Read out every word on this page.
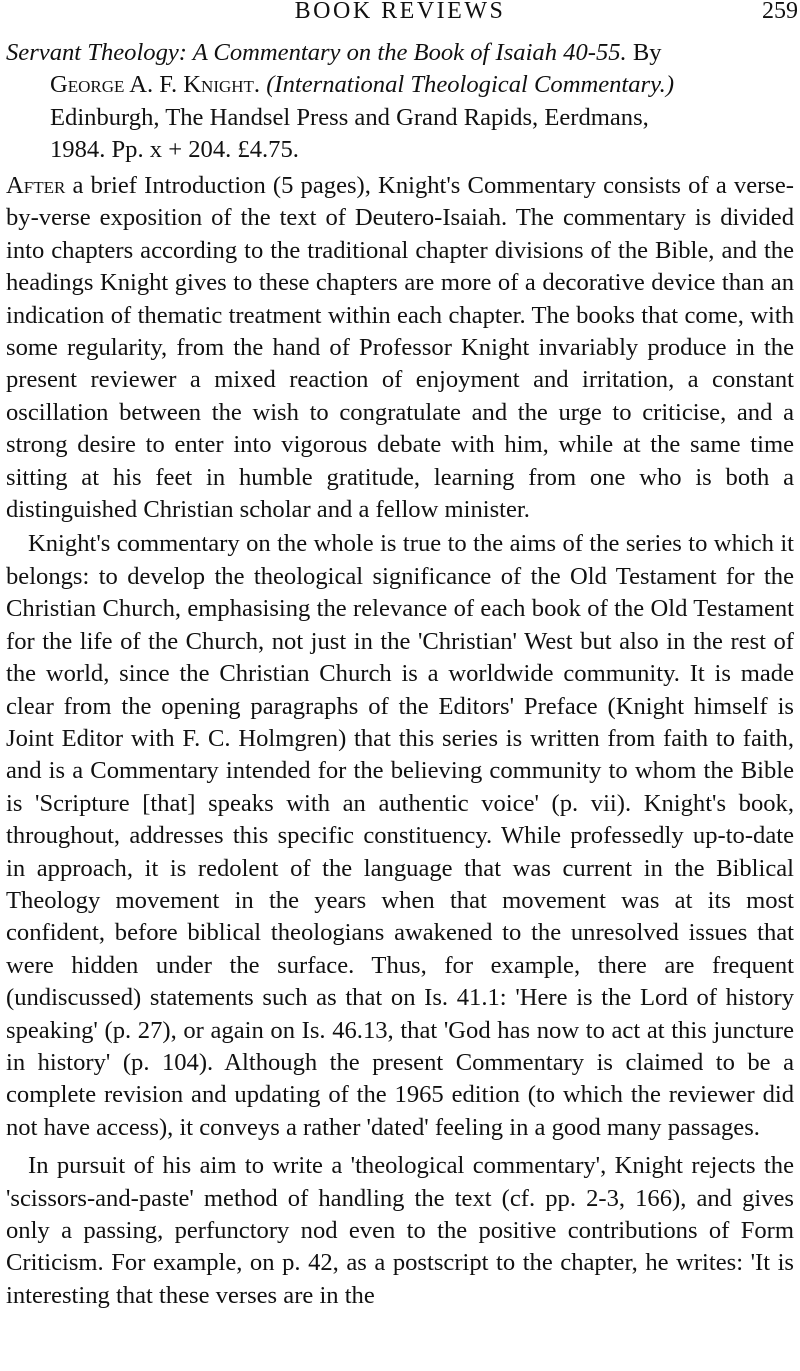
BOOK REVIEWS	259
Servant Theology: A Commentary on the Book of Isaiah 40-55. By
George A. F. Knight. (International Theological Commentary.)
Edinburgh, The Handsel Press and Grand Rapids, Eerdmans,
1984. Pp. x + 204. £4.75.

After a brief Introduction (5 pages), Knight's Commentary consists of a verse-by-verse exposition of the text of Deutero-Isaiah. The commentary is divided into chapters according to the traditional chapter divisions of the Bible, and the headings Knight gives to these chapters are more of a decorative device than an indication of thematic treatment within each chapter. The books that come, with some regularity, from the hand of Professor Knight invariably produce in the present reviewer a mixed reaction of enjoyment and irritation, a constant oscillation between the wish to congratulate and the urge to criticise, and a strong desire to enter into vigorous debate with him, while at the same time sitting at his feet in humble gratitude, learning from one who is both a distinguished Christian scholar and a fellow minister.

Knight's commentary on the whole is true to the aims of the series to which it belongs: to develop the theological significance of the Old Testament for the Christian Church, emphasising the relevance of each book of the Old Testament for the life of the Church, not just in the 'Christian' West but also in the rest of the world, since the Christian Church is a worldwide community. It is made clear from the opening paragraphs of the Editors' Preface (Knight himself is Joint Editor with F. C. Holmgren) that this series is written from faith to faith, and is a Commentary intended for the believing community to whom the Bible is 'Scripture [that] speaks with an authentic voice' (p. vii). Knight's book, throughout, addresses this specific constituency. While professedly up-to-date in approach, it is redolent of the language that was current in the Biblical Theology movement in the years when that movement was at its most confident, before biblical theologians awakened to the unresolved issues that were hidden under the surface. Thus, for example, there are frequent (undiscussed) statements such as that on Is. 41.1: 'Here is the Lord of history speaking' (p. 27), or again on Is. 46.13, that 'God has now to act at this juncture in history' (p. 104). Although the present Commentary is claimed to be a complete revision and updating of the 1965 edition (to which the reviewer did not have access), it conveys a rather 'dated' feeling in a good many passages.

In pursuit of his aim to write a 'theological commentary', Knight rejects the 'scissors-and-paste' method of handling the text (cf. pp. 2-3, 166), and gives only a passing, perfunctory nod even to the positive contributions of Form Criticism. For example, on p. 42, as a postscript to the chapter, he writes: 'It is interesting that these verses are in the
